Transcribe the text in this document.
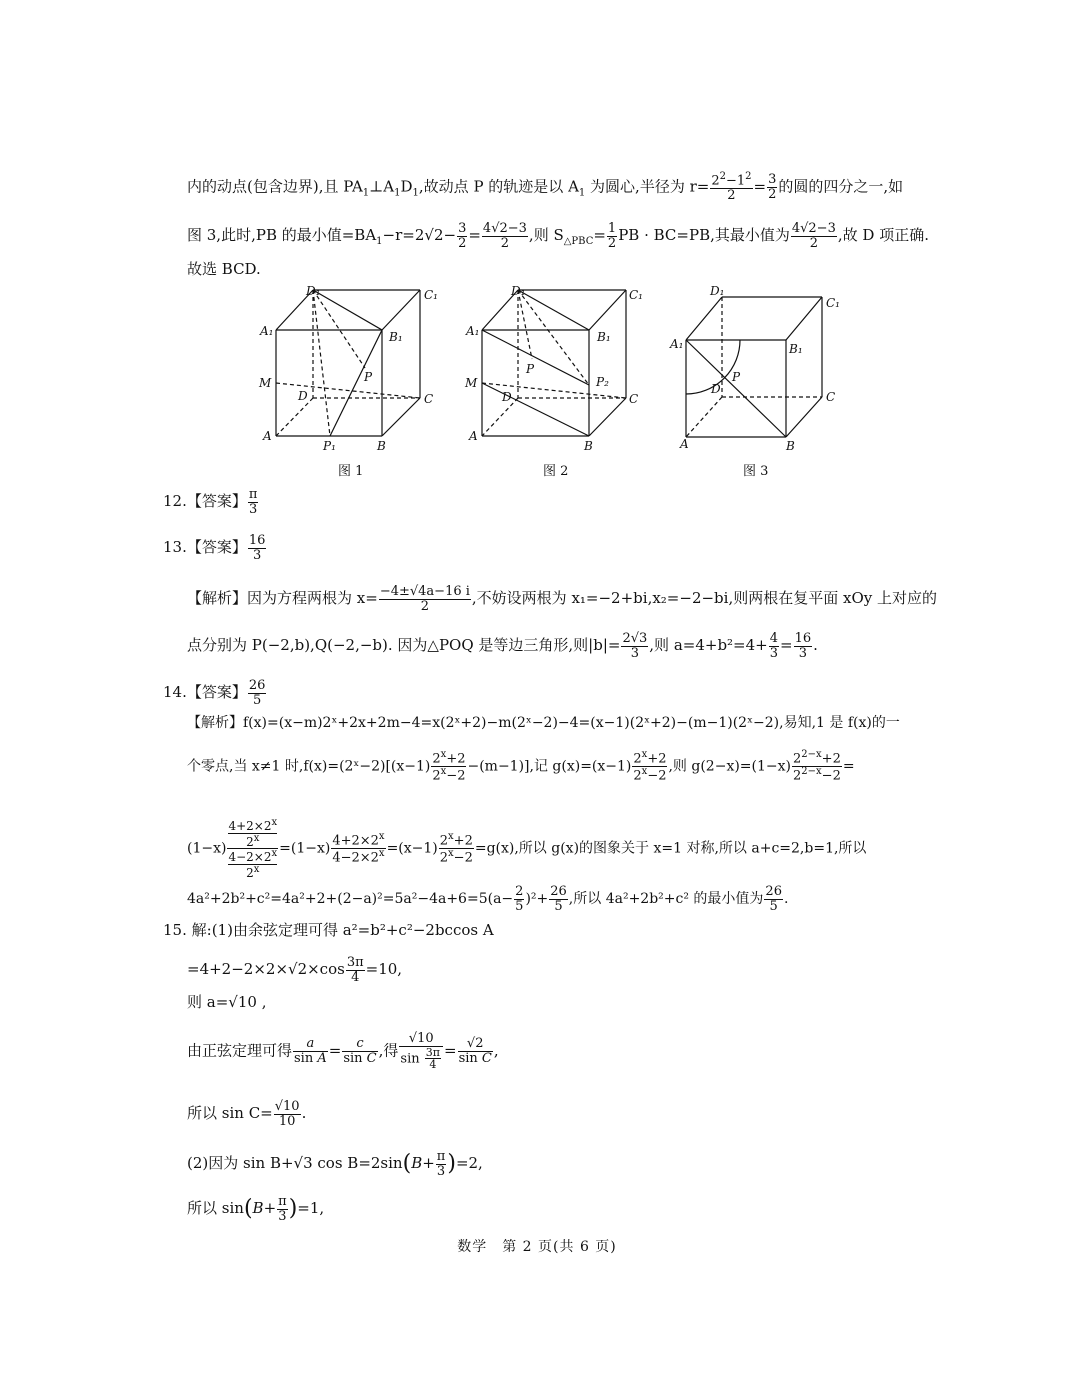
内的动点(包含边界),且 $PA_1\perp A_1D_1$,故动点 P 的轨迹是以 $A_1$ 为圆心,半径为 $r= \frac{2^2-1^2}{2} = \frac{3}{2}$ 的圆的四分之一,如
图 3,此时,PB 的最小值$=BA_1-r=2√2- \frac{3}{2} = \frac{4√2-3}{2}$ ,则 $S_{\triangle PBC}= \frac{1}{2}$ PB · BC=PB,其最小值为 $\frac{4√2-3}{2}$ ,故 D 项正确.
故选 BCD.
D₁	C₁
A₁	B₁
M	P
D	C
A
P₁	B
D₁	C₁
A₁	B₁
M
P
P₂
D	C
A
B
D₁
C₁
A₁	B₁
P
D
C
A	B
图 1	图 2	图 3
12.【答案】 $\frac{\pi}{3}$
13.【答案】 $\frac{16}{3}$
【解析】因为方程两根为 $x= \frac{-4\pm√4a-16 i}{2}$ ,不妨设两根为 x₁=−2+bi,x₂=−2−bi,则两根在复平面 xOy 上对应的
点分别为 P(−2,b),Q(−2,−b). 因为△POQ 是等边三角形,则$|b|= \frac{2√3}{3}$ ,则 $a=4+b^2=4+ \frac{4}{3} = \frac{16}{3}$ .
14.【答案】 $\frac{26}{5}$
【解析】f(x)=(x−m)2ˣ+2x+2m−4=x(2ˣ+2)−m(2ˣ−2)−4=(x−1)(2ˣ+2)−(m−1)(2ˣ−2),易知,1 是 f(x)的一
个零点,当 x≠1 时,f(x)=(2ˣ−2)[(x−1) $\frac{2^x+2}{2^x-2} -(m-1)$],记 $g(x)=(x-1) \frac{2^x+2}{2^x-2}$ ,则 $g(2-x)=(1-x) \frac{2^{2-x}+2}{2^{2-x}-2}$ =
(1−x) $4+2\times 2^x$
2$^x$
$4-2\times 2^x$
$2^x =(1-x) \frac{4+2\times 2^x}{4-2\times 2^x} =(x-1) \frac{2^x+2}{2^x-2} =g(x)$,所以 g(x)的图象关于 x=1 对称,所以 a+c=2,b=1,所以
$4a^2+2b^2+c^2=4a^2+2+(2-a)^2=5a^2-4a+6=5(a- \frac{2}{5} )^2+ \frac{26}{5}$ ,所以 4a²+2b²+c² 的最小值为 $\frac{26}{5}$ .
15. 解:(1)由余弦定理可得 a²=b²+c²−2bccos A
$=4+2-2\times 2\times√2\times\cos \frac{3\pi}{4} =10$,
则 a=√10 ,
由正弦定理可得 $\frac{a}{\text{sin A}} = \frac{c}{\text{sin C}}$ ,得 $\frac{√10}{\sin \frac{3\pi}{4}} = \frac{√2}{\text{sin C}}$ ,
所以 $\sin C= \frac{√10}{10}$ .
(2)因为 sin B+√3 $\cos B=2\sin(B+ \frac{\pi}{3} )=2$,
所以 $\sin(B+ \frac{\pi}{3} )=1$,
数学　第 2 页(共 6 页)
